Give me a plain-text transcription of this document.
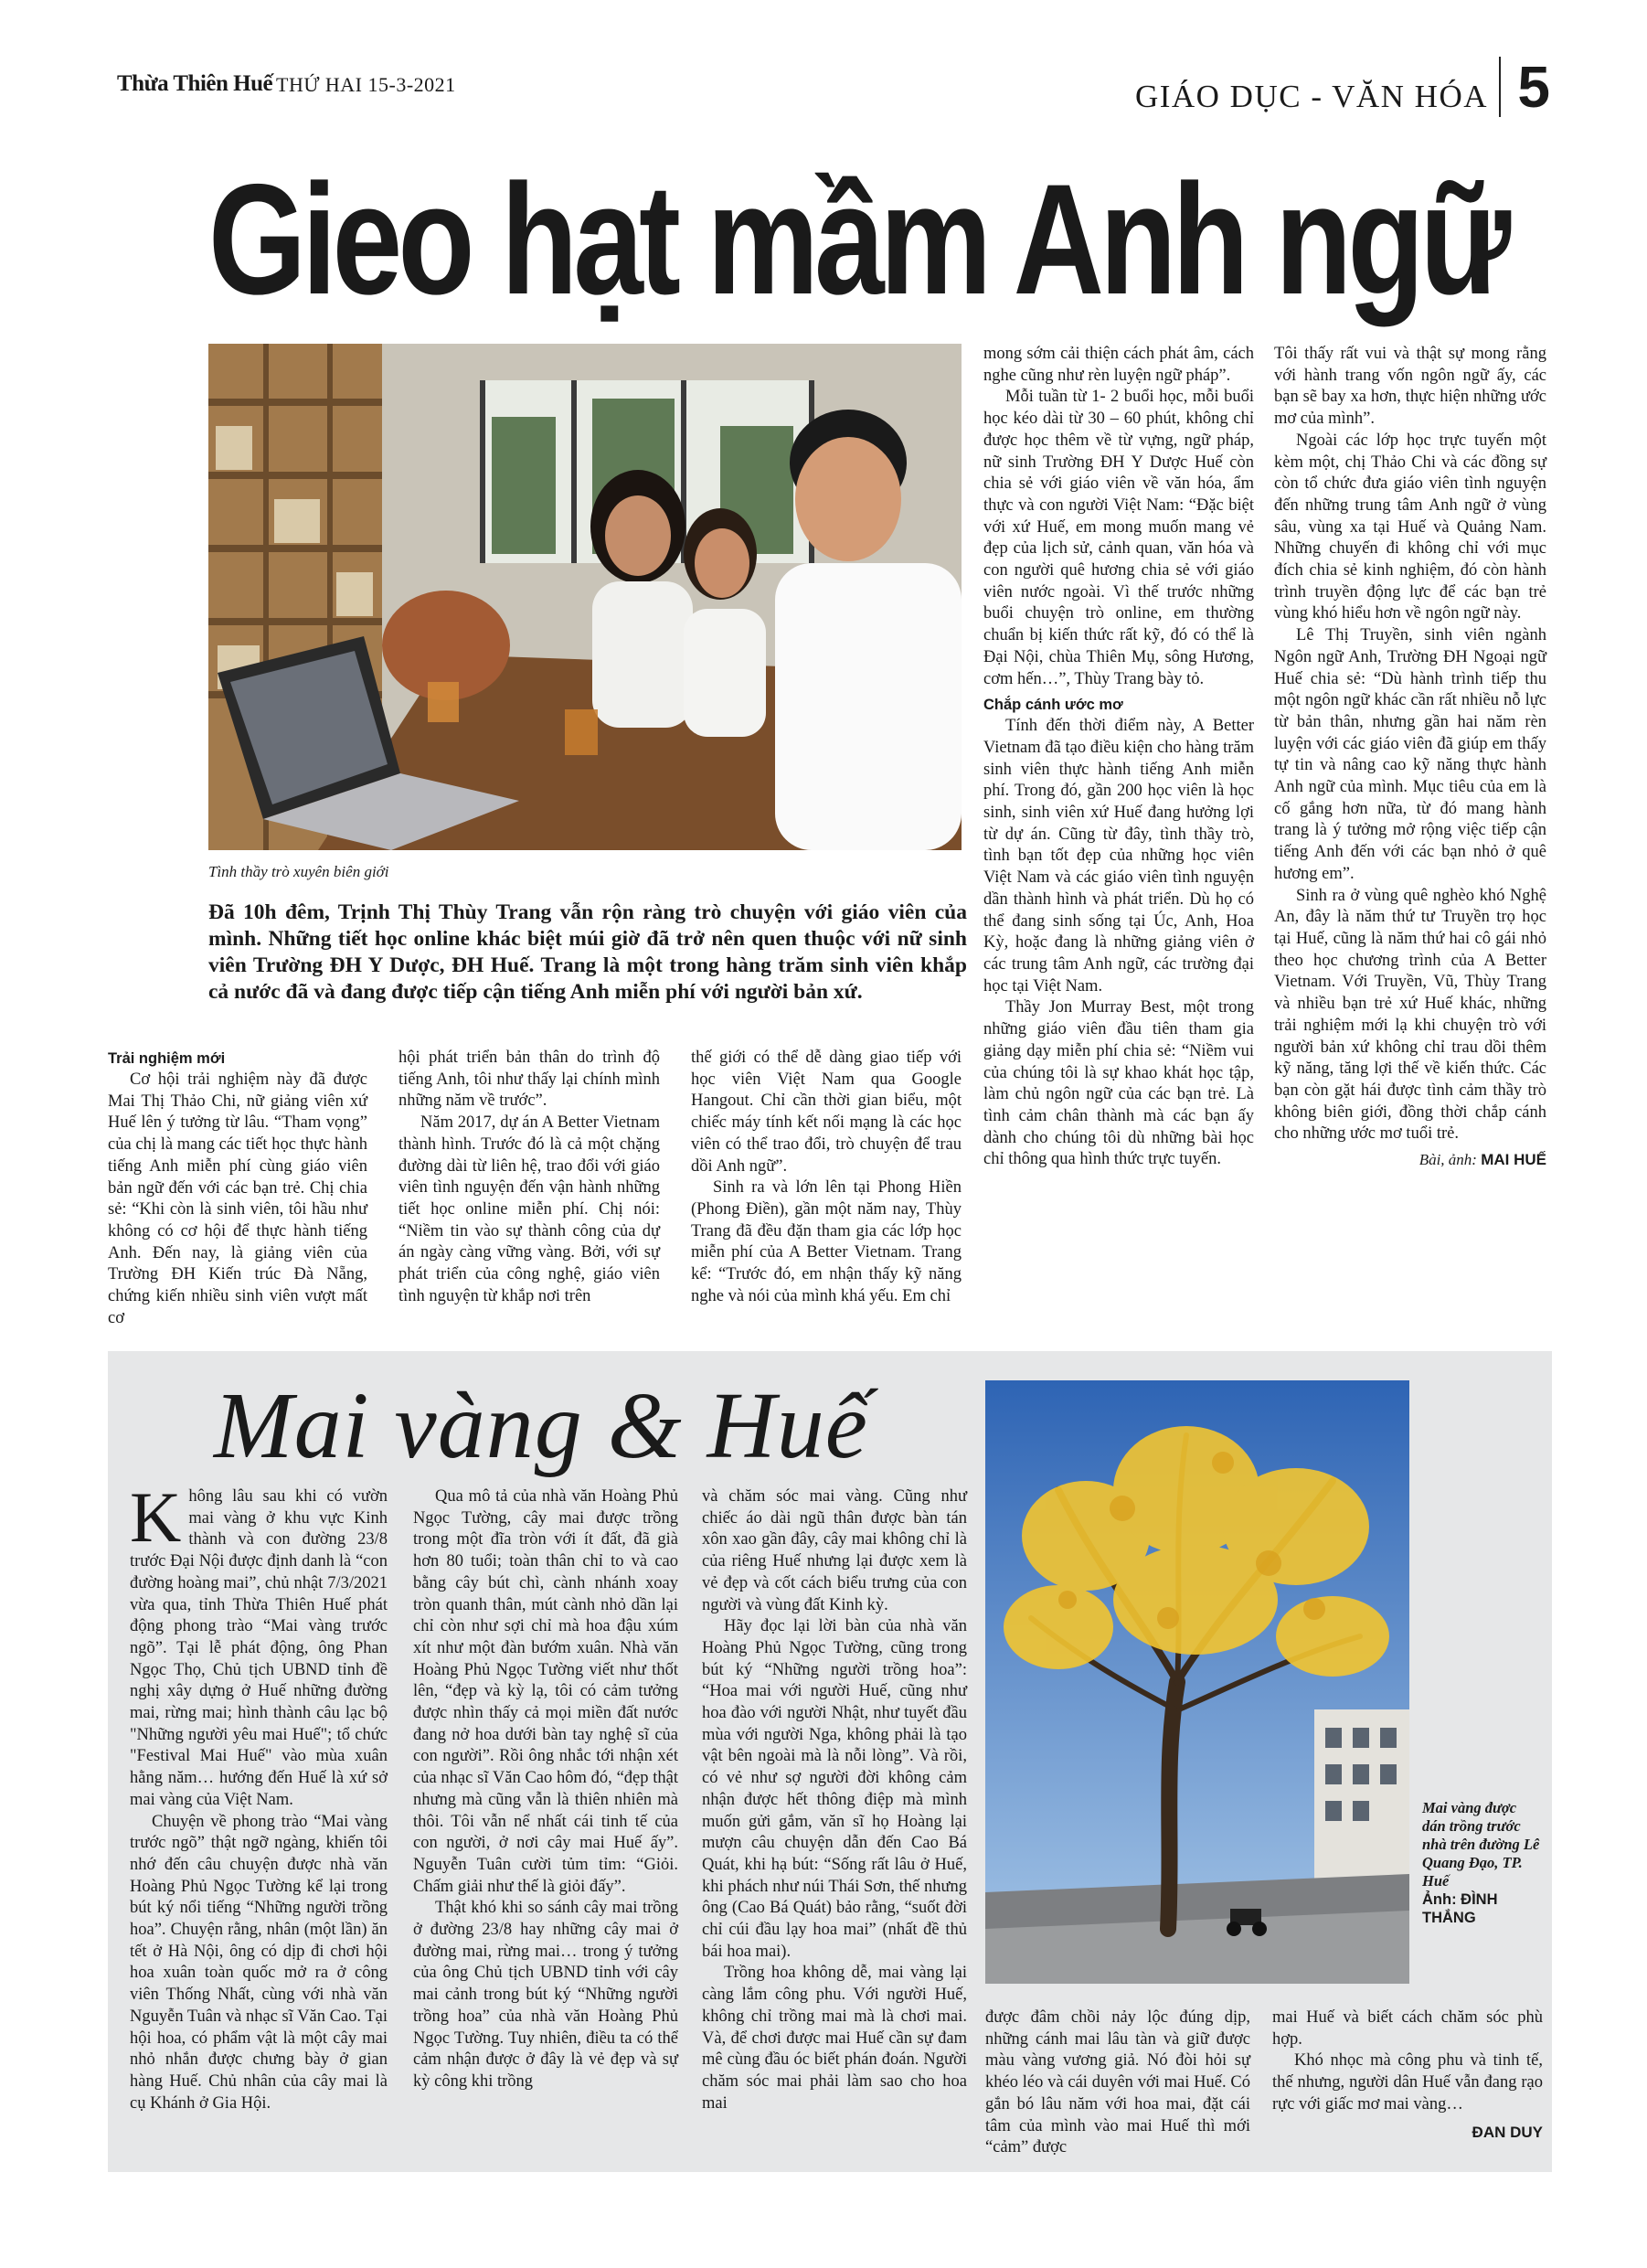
Thừa Thiên Huế THỨ HAI 15-3-2021	GIÁO DỤC - VĂN HÓA 5
Gieo hạt mầm Anh ngữ
Tình thầy trò xuyên biên giới

Đã 10h đêm, Trịnh Thị Thùy Trang vẫn rộn ràng trò chuyện với giáo viên của mình. Những tiết học online khác biệt múi giờ đã trở nên quen thuộc với nữ sinh viên Trường ĐH Y Dược, ĐH Huế. Trang là một trong hàng trăm sinh viên khắp cả nước đã và đang được tiếp cận tiếng Anh miễn phí với người bản xứ.

Trải nghiệm mới

Cơ hội trải nghiệm này đã được Mai Thị Thảo Chi, nữ giảng viên xứ Huế lên ý tưởng từ lâu. “Tham vọng” của chị là mang các tiết học thực hành tiếng Anh miễn phí cùng giáo viên bản ngữ đến với các bạn trẻ. Chị chia sẻ: “Khi còn là sinh viên, tôi hầu như không có cơ hội để thực hành tiếng Anh. Đến nay, là giảng viên của Trường ĐH Kiến trúc Đà Nẵng, chứng kiến nhiều sinh viên vượt mất cơ

hội phát triển bản thân do trình độ tiếng Anh, tôi như thấy lại chính mình những năm về trước”.

Năm 2017, dự án A Better Vietnam thành hình. Trước đó là cả một chặng đường dài từ liên hệ, trao đổi với giáo viên tình nguyện đến vận hành những tiết học online miễn phí. Chị nói: “Niềm tin vào sự thành công của dự án ngày càng vững vàng. Bởi, với sự phát triển của công nghệ, giáo viên tình nguyện từ khắp nơi trên

thế giới có thể dễ dàng giao tiếp với học viên Việt Nam qua Google Hangout. Chỉ cần thời gian biểu, một chiếc máy tính kết nối mạng là các học viên có thể trao đổi, trò chuyện để trau dồi Anh ngữ”.

Sinh ra và lớn lên tại Phong Hiền (Phong Điền), gần một năm nay, Thùy Trang đã đều đặn tham gia các lớp học miễn phí của A Better Vietnam. Trang kể: “Trước đó, em nhận thấy kỹ năng nghe và nói của mình khá yếu. Em chỉ

mong sớm cải thiện cách phát âm, cách nghe cũng như rèn luyện ngữ pháp”.

Mỗi tuần từ 1- 2 buổi học, mỗi buổi học kéo dài từ 30 – 60 phút, không chỉ được học thêm về từ vựng, ngữ pháp, nữ sinh Trường ĐH Y Dược Huế còn chia sẻ với giáo viên về văn hóa, ẩm thực và con người Việt Nam: “Đặc biệt với xứ Huế, em mong muốn mang vẻ đẹp của lịch sử, cảnh quan, văn hóa và con người quê hương chia sẻ với giáo viên nước ngoài. Vì thế trước những buổi chuyện trò online, em thường chuẩn bị kiến thức rất kỹ, đó có thể là Đại Nội, chùa Thiên Mụ, sông Hương, cơm hến…”, Thùy Trang bày tỏ.

Chắp cánh ước mơ

Tính đến thời điểm này, A Better Vietnam đã tạo điều kiện cho hàng trăm sinh viên thực hành tiếng Anh miễn phí. Trong đó, gần 200 học viên là học sinh, sinh viên xứ Huế đang hưởng lợi từ dự án. Cũng từ đây, tình thầy trò, tình bạn tốt đẹp của những học viên Việt Nam và các giáo viên tình nguyện dần thành hình và phát triển. Dù họ có thể đang sinh sống tại Úc, Anh, Hoa Kỳ, hoặc đang là những giảng viên ở các trung tâm Anh ngữ, các trường đại học tại Việt Nam.

Thầy Jon Murray Best, một trong những giáo viên đầu tiên tham gia giảng dạy miễn phí chia sẻ: “Niềm vui của chúng tôi là sự khao khát học tập, làm chủ ngôn ngữ của các bạn trẻ. Là tình cảm chân thành mà các bạn ấy dành cho chúng tôi dù những bài học chỉ thông qua hình thức trực tuyến.

Tôi thấy rất vui và thật sự mong rằng với hành trang vốn ngôn ngữ ấy, các bạn sẽ bay xa hơn, thực hiện những ước mơ của mình”.

Ngoài các lớp học trực tuyến một kèm một, chị Thảo Chi và các đồng sự còn tổ chức đưa giáo viên tình nguyện đến những trung tâm Anh ngữ ở vùng sâu, vùng xa tại Huế và Quảng Nam. Những chuyến đi không chỉ với mục đích chia sẻ kinh nghiệm, đó còn hành trình truyền động lực để các bạn trẻ vùng khó hiểu hơn về ngôn ngữ này.

Lê Thị Truyền, sinh viên ngành Ngôn ngữ Anh, Trường ĐH Ngoại ngữ Huế chia sẻ: “Dù hành trình tiếp thu một ngôn ngữ khác cần rất nhiều nỗ lực từ bản thân, nhưng gần hai năm rèn luyện với các giáo viên đã giúp em thấy tự tin và nâng cao kỹ năng thực hành Anh ngữ của mình. Mục tiêu của em là cố gắng hơn nữa, từ đó mang hành trang là ý tưởng mở rộng việc tiếp cận tiếng Anh đến với các bạn nhỏ ở quê hương em”.

Sinh ra ở vùng quê nghèo khó Nghệ An, đây là năm thứ tư Truyền trọ học tại Huế, cũng là năm thứ hai cô gái nhỏ theo học chương trình của A Better Vietnam. Với Truyền, Vũ, Thùy Trang và nhiều bạn trẻ xứ Huế khác, những trải nghiệm mới lạ khi chuyện trò với người bản xứ không chỉ trau dồi thêm kỹ năng, tăng lợi thế về kiến thức. Các bạn còn gặt hái được tình cảm thầy trò không biên giới, đồng thời chắp cánh cho những ước mơ tuổi trẻ.

Bài, ảnh: MAI HUẾ

Mai vàng & Huế
Mai vàng được dán trồng trước nhà trên đường Lê Quang Đạo, TP. Huế
Ảnh: ĐÌNH THẮNG

Không lâu sau khi có vườn mai vàng ở khu vực Kinh thành và con đường 23/8 trước Đại Nội được định danh là “con đường hoàng mai”, chủ nhật 7/3/2021 vừa qua, tỉnh Thừa Thiên Huế phát động phong trào “Mai vàng trước ngõ”. Tại lễ phát động, ông Phan Ngọc Thọ, Chủ tịch UBND tỉnh đề nghị xây dựng ở Huế những đường mai, rừng mai; hình thành câu lạc bộ "Những người yêu mai Huế"; tổ chức "Festival Mai Huế" vào mùa xuân hằng năm… hướng đến Huế là xứ sở mai vàng của Việt Nam.

Chuyện về phong trào “Mai vàng trước ngõ” thật ngỡ ngàng, khiến tôi nhớ đến câu chuyện được nhà văn Hoàng Phủ Ngọc Tường kể lại trong bút ký nổi tiếng “Những người trồng hoa”. Chuyện rằng, nhân (một lần) ăn tết ở Hà Nội, ông có dịp đi chơi hội hoa xuân toàn quốc mở ra ở công viên Thống Nhất, cùng với nhà văn Nguyễn Tuân và nhạc sĩ Văn Cao. Tại hội hoa, có phẩm vật là một cây mai nhỏ nhắn được chưng bày ở gian hàng Huế. Chủ nhân của cây mai là cụ Khánh ở Gia Hội.

Qua mô tả của nhà văn Hoàng Phủ Ngọc Tường, cây mai được trồng trong một đĩa tròn với ít đất, đã già hơn 80 tuổi; toàn thân chỉ to và cao bằng cây bút chì, cành nhánh xoay tròn quanh thân, mút cành nhỏ dần lại chỉ còn như sợi chỉ mà hoa đậu xúm xít như một đàn bướm xuân. Nhà văn Hoàng Phủ Ngọc Tường viết như thốt lên, “đẹp và kỳ lạ, tôi có cảm tưởng được nhìn thấy cả mọi miền đất nước đang nở hoa dưới bàn tay nghệ sĩ của con người”. Rồi ông nhắc tới nhận xét của nhạc sĩ Văn Cao hôm đó, “đẹp thật nhưng mà cũng vẫn là thiên nhiên mà thôi. Tôi vẫn nể nhất cái tinh tế của con người, ở nơi cây mai Huế ấy”. Nguyễn Tuân cười tủm tỉm: “Giỏi. Chấm giải như thế là giỏi đấy”.

Thật khó khi so sánh cây mai trồng ở đường 23/8 hay những cây mai ở đường mai, rừng mai… trong ý tưởng của ông Chủ tịch UBND tỉnh với cây mai cảnh trong bút ký “Những người trồng hoa” của nhà văn Hoàng Phủ Ngọc Tường. Tuy nhiên, điều ta có thể cảm nhận được ở đây là vẻ đẹp và sự kỳ công khi trồng

và chăm sóc mai vàng. Cũng như chiếc áo dài ngũ thân được bàn tán xôn xao gần đây, cây mai không chỉ là của riêng Huế nhưng lại được xem là vẻ đẹp và cốt cách biểu trưng của con người và vùng đất Kinh kỳ.

Hãy đọc lại lời bàn của nhà văn Hoàng Phủ Ngọc Tường, cũng trong bút ký “Những người trồng hoa”: “Hoa mai với người Huế, cũng như hoa đào với người Nhật, như tuyết đầu mùa với người Nga, không phải là tạo vật bên ngoài mà là nỗi lòng”. Và rồi, có vẻ như sợ người đời không cảm nhận được hết thông điệp mà mình muốn gửi gắm, văn sĩ họ Hoàng lại mượn câu chuyện dẫn đến Cao Bá Quát, khi hạ bút: “Sống rất lâu ở Huế, khi phách như núi Thái Sơn, thế nhưng ông (Cao Bá Quát) bảo rằng, “suốt đời chỉ cúi đầu lạy hoa mai” (nhất đề thủ bái hoa mai).

Trồng hoa không dễ, mai vàng lại càng lắm công phu. Với người Huế, không chỉ trồng mai mà là chơi mai. Và, để chơi được mai Huế cần sự đam mê cùng đầu óc biết phán đoán. Người chăm sóc mai phải làm sao cho hoa mai

được đâm chồi nảy lộc đúng dịp, những cánh mai lâu tàn và giữ được màu vàng vương giả. Nó đòi hỏi sự khéo léo và cái duyên với mai Huế. Có gắn bó lâu năm với hoa mai, đặt cái tâm của mình vào mai Huế thì mới “cảm” được

mai Huế và biết cách chăm sóc phù hợp.

Khó nhọc mà công phu và tinh tế, thế nhưng, người dân Huế vẫn đang rạo rực với giấc mơ mai vàng…

ĐAN DUY
